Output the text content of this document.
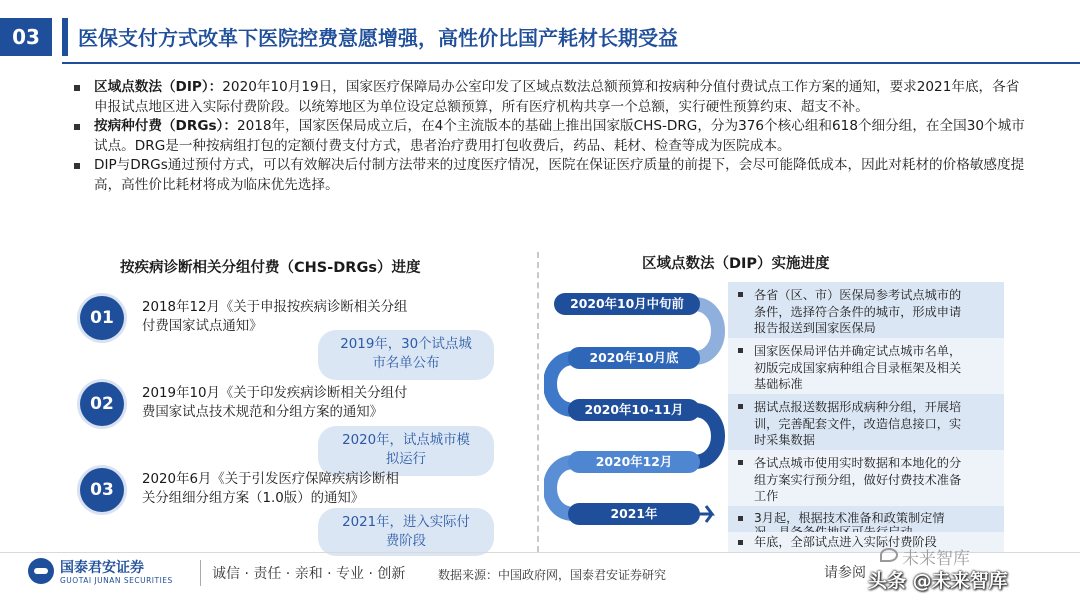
03	医保支付方式改革下医院控费意愿增强，高性价比国产耗材长期受益
区域点数法（DIP）：2020年10月19日，国家医疗保障局办公室印发了区域点数法总额预算和按病种分值付费试点工作方案的通知，要求2021年底，各省申报试点地区进入实际付费阶段。以统筹地区为单位设定总额预算，所有医疗机构共享一个总额，实行硬性预算约束、超支不补。
按病种付费（DRGs）：2018年，国家医保局成立后，在4个主流版本的基础上推出国家版CHS-DRG，分为376个核心组和618个细分组，在全国30个城市试点。DRG是一种按病组打包的定额付费支付方式，患者治疗费用打包收费后，药品、耗材、检查等成为医院成本。
DIP与DRGs通过预付方式，可以有效解决后付制方法带来的过度医疗情况，医院在保证医疗质量的前提下，会尽可能降低成本，因此对耗材的价格敏感度提高，高性价比耗材将成为临床优先选择。
按疾病诊断相关分组付费（CHS-DRGs）进度
01
2018年12月《关于申报按疾病诊断相关分组
付费国家试点通知》
2019年，30个试点城
市名单公布
02
2019年10月《关于印发疾病诊断相关分组付
费国家试点技术规范和分组方案的通知》
2020年，试点城市模
拟运行
03
2020年6月《关于引发医疗保障疾病诊断相
关分组细分组方案（1.0版）的通知》
2021年，进入实际付
费阶段
区域点数法（DIP）实施进度
2020年10月中旬前
2020年10月底
2020年10-11月
2020年12月
2021年
各省（区、市）医保局参考试点城市的
条件，选择符合条件的城市，形成申请
报告报送到国家医保局
国家医保局评估并确定试点城市名单，
初版完成国家病种组合目录框架及相关
基础标准
据试点报送数据形成病种分组，开展培
训，完善配套文件，改造信息接口，实
时采集数据
各试点城市使用实时数据和本地化的分
组方案实行预分组，做好付费技术准备
工作
3月起，根据技术准备和政策制定情
年底，全部试点进入实际付费阶段
国泰君安证券
GUOTAI JUNAN SECURITIES	诚信 · 责任 · 亲和 · 专业 · 创新	数据来源：中国政府网，国泰君安证券研究	请参阅
未来智库
头条 @未来智库
